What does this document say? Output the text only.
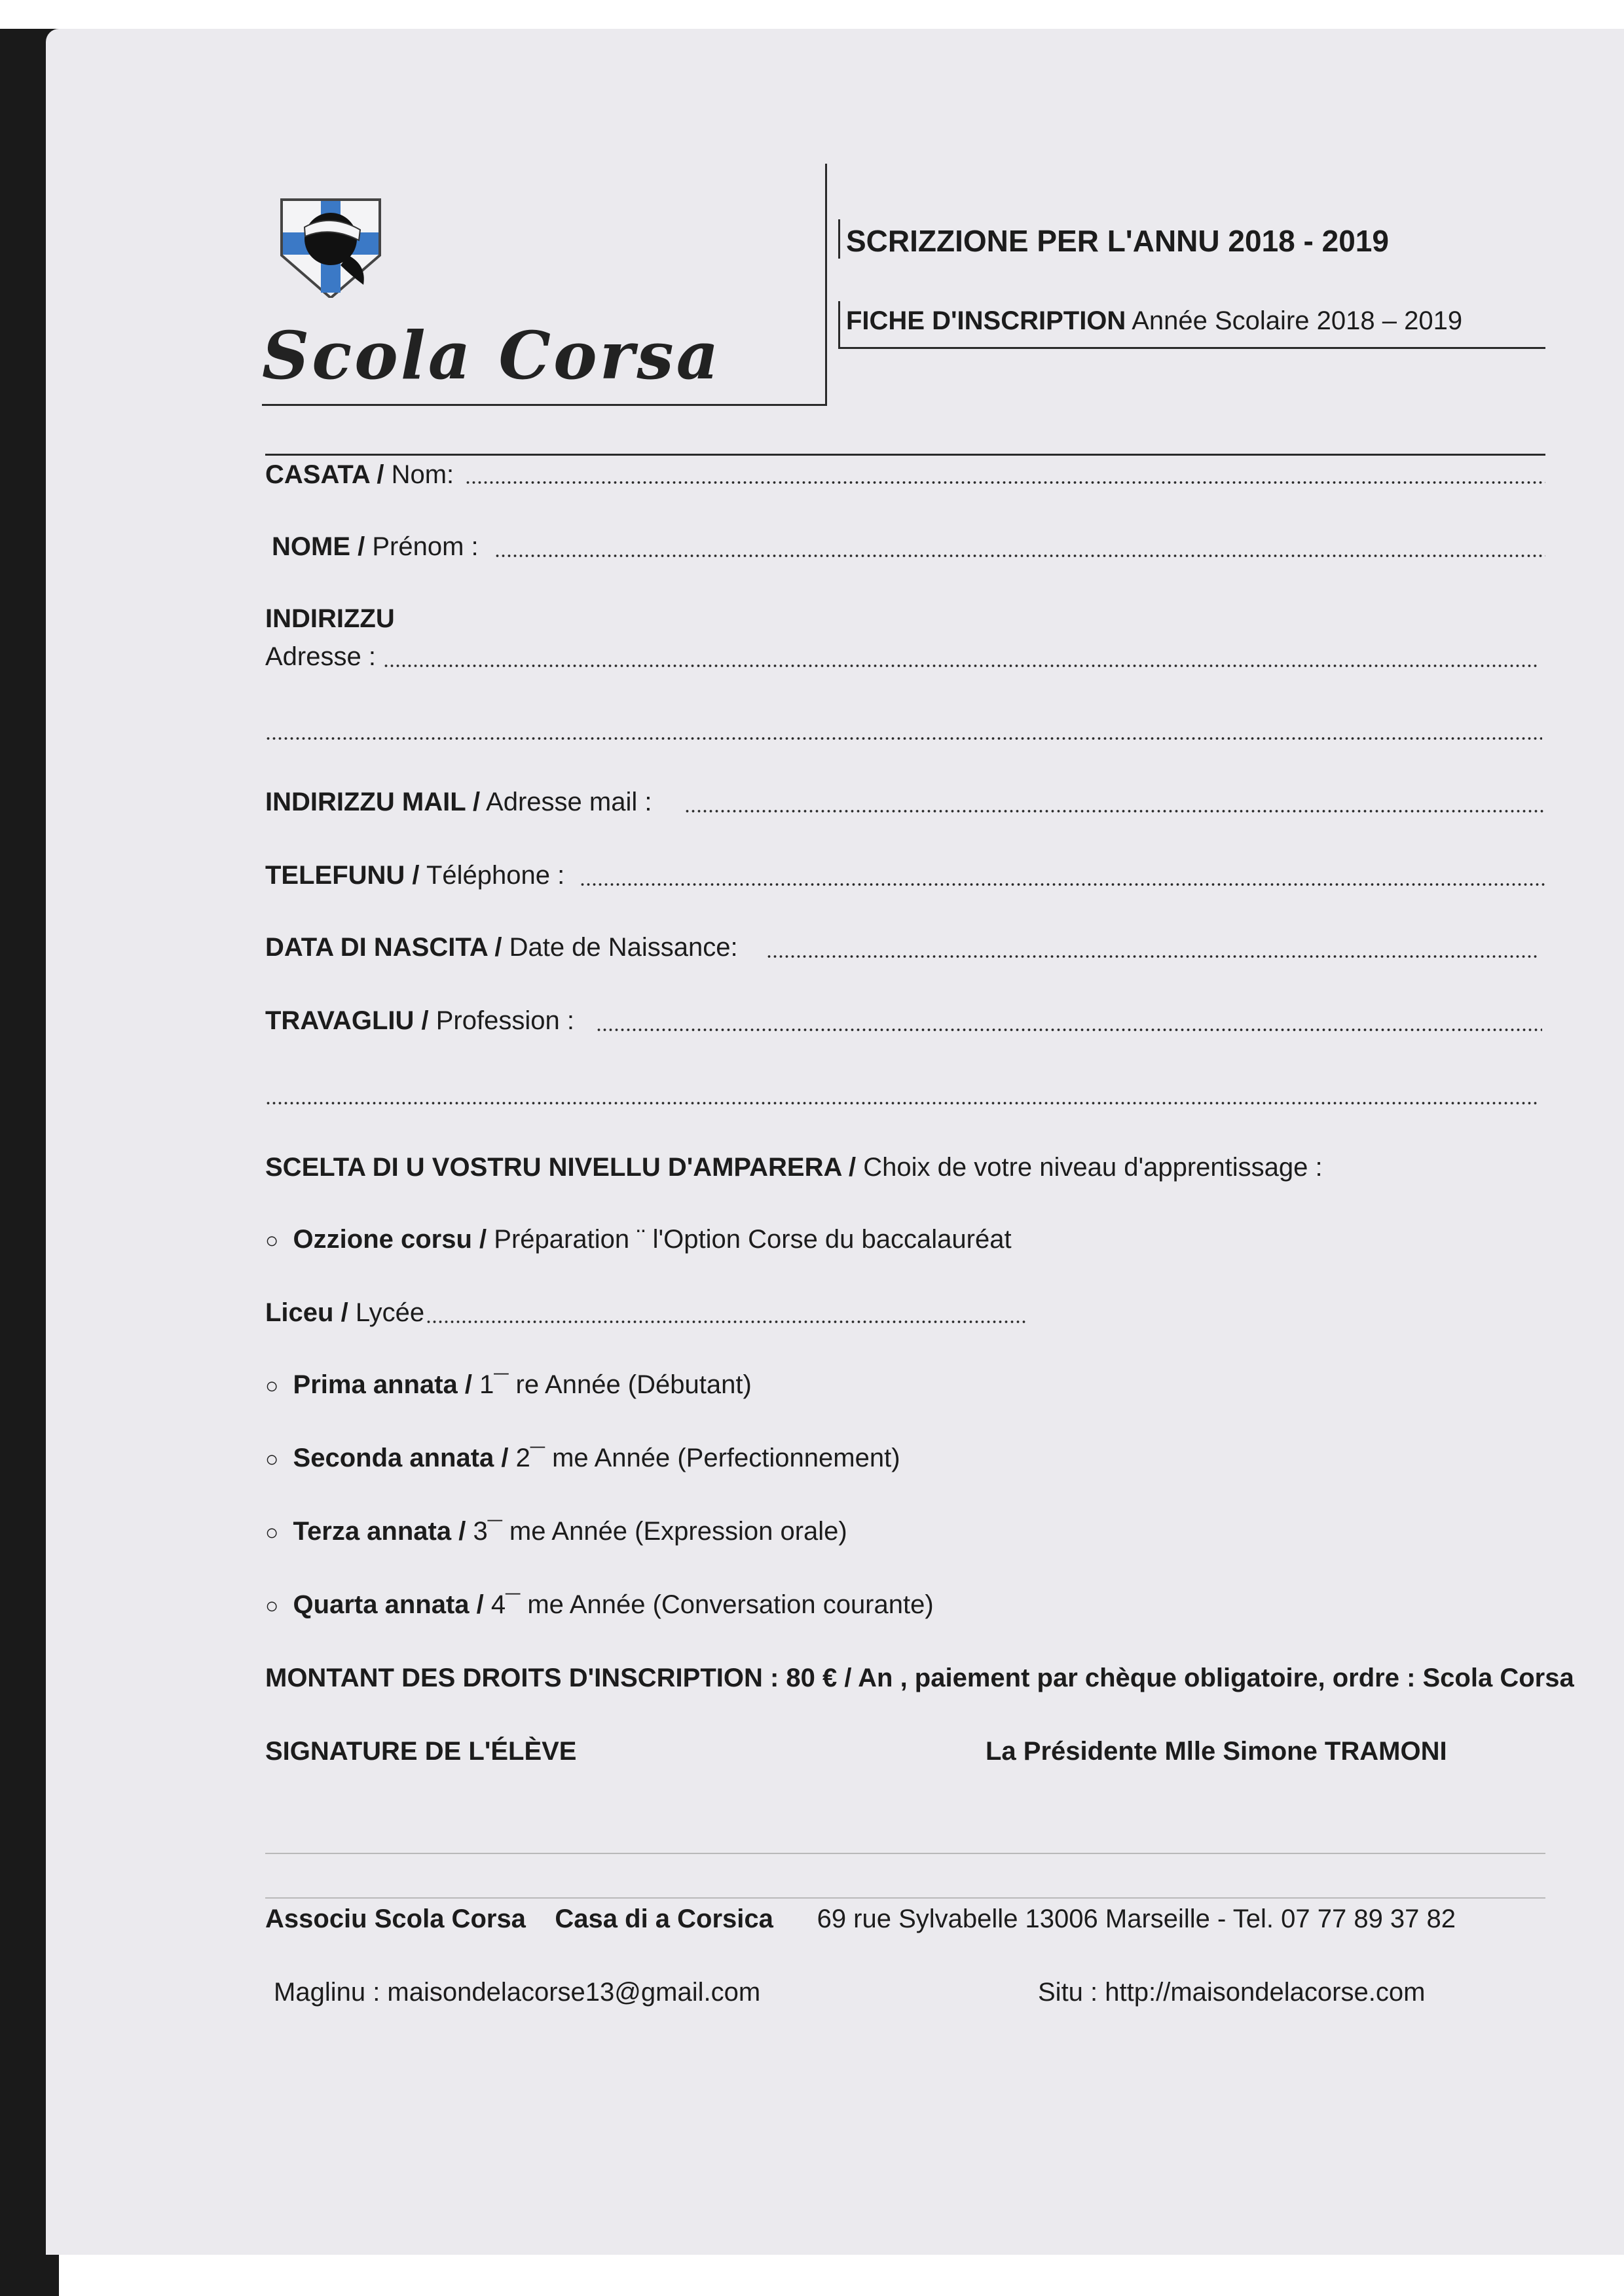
Scola Corsa
SCRIZZIONE PER L'ANNU 2018 - 2019
FICHE D'INSCRIPTION Année Scolaire 2018 – 2019
CASATA / Nom:
NOME / Prénom :
INDIRIZZU
Adresse :
INDIRIZZU MAIL / Adresse mail :
TELEFUNU / Téléphone :
DATA DI NASCITA / Date de Naissance:
TRAVAGLIU / Profession :
SCELTA DI U VOSTRU NIVELLU D'AMPARERA / Choix de votre niveau d'apprentissage :
○ Ozzione corsu / Préparation ¨ l'Option Corse du baccalauréat
Liceu / Lycée
○ Prima annata / 1¯ re Année (Débutant)
○ Seconda annata / 2¯ me Année (Perfectionnement)
○ Terza annata / 3¯ me Année (Expression orale)
○ Quarta annata / 4¯ me Année (Conversation courante)
MONTANT DES DROITS D'INSCRIPTION : 80 € / An , paiement par chèque obligatoire, ordre : Scola Corsa
SIGNATURE DE L'ÉLÈVE	La Présidente Mlle Simone TRAMONI
Associu Scola Corsa Casa di a Corsica 69 rue Sylvabelle 13006 Marseille - Tel. 07 77 89 37 82
Maglinu : maisondelacorse13@gmail.com	Situ : http://maisondelacorse.com
